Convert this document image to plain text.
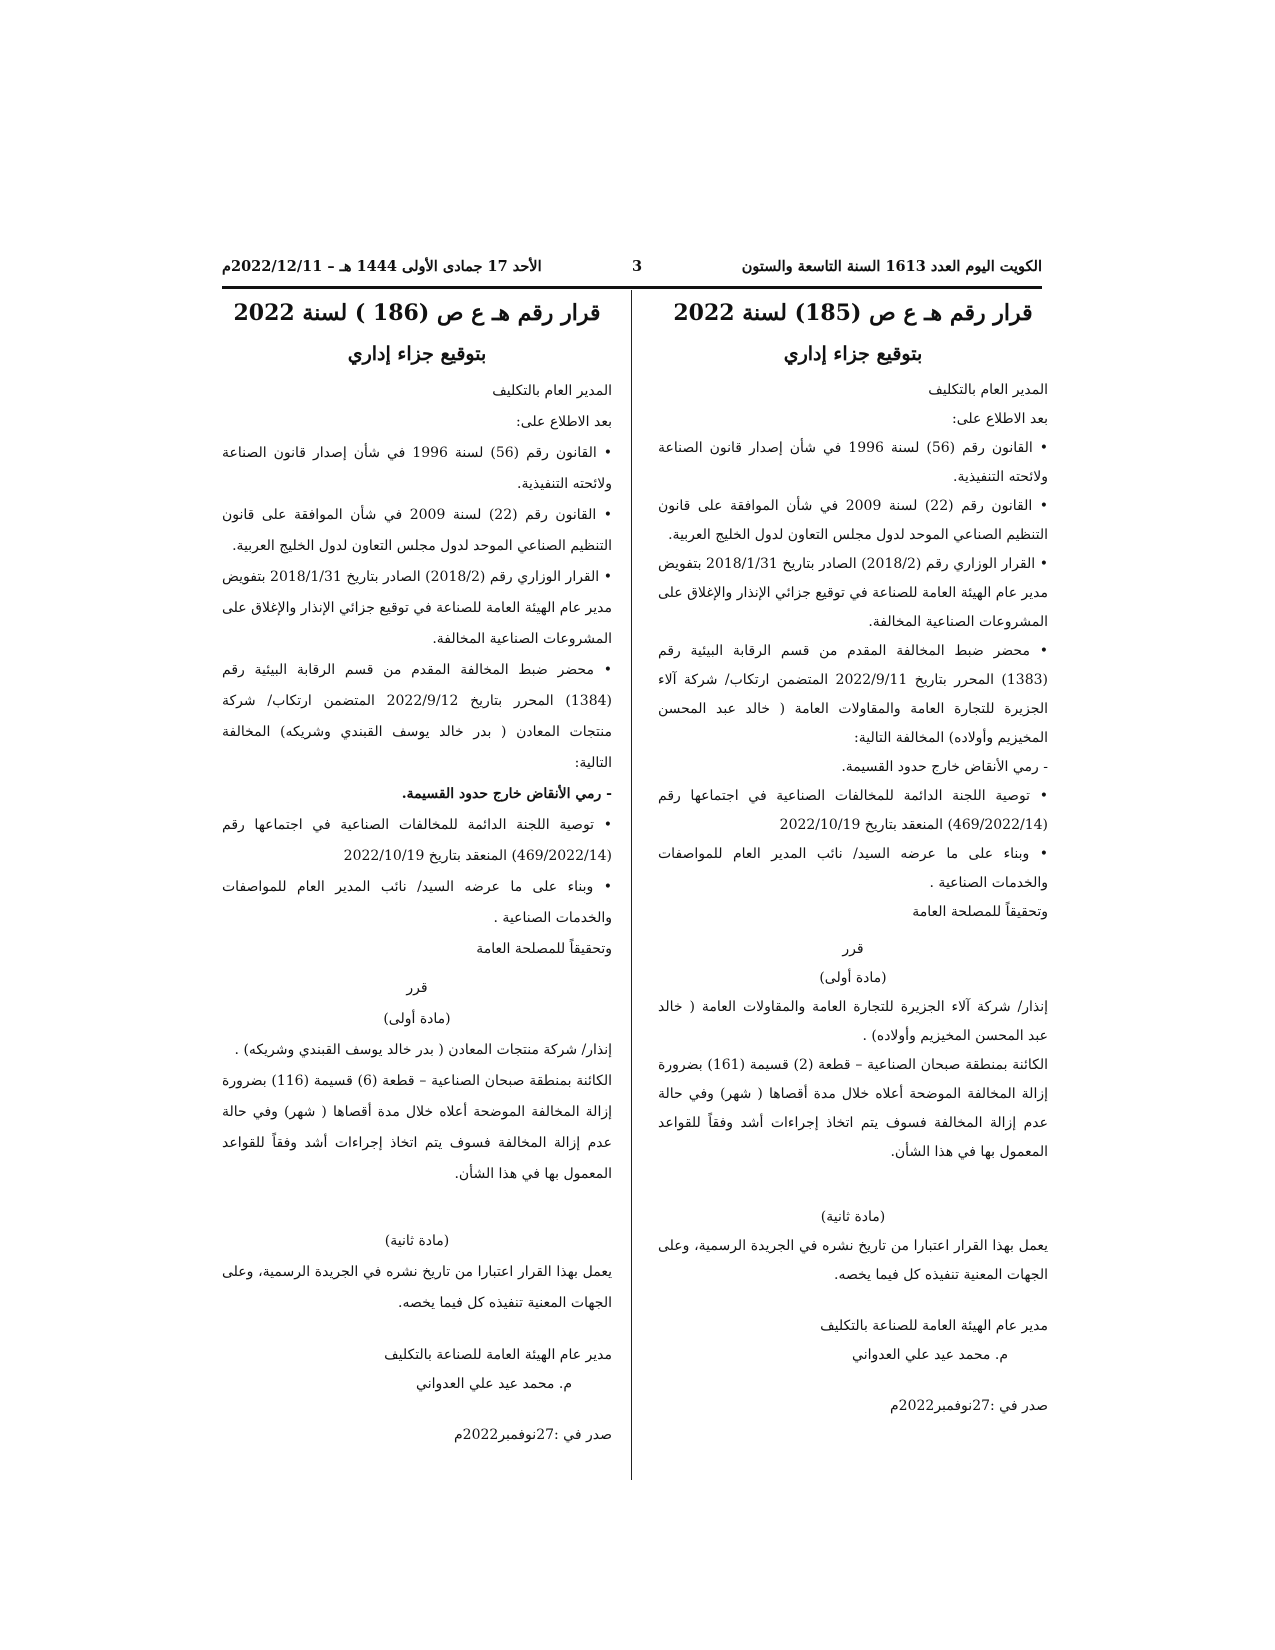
الكويت اليوم العدد 1613 السنة التاسعة والستون
3
الأحد 17 جمادى الأولى 1444 هـ – 2022/12/11م
قرار رقم هـ ع ص (185) لسنة 2022
بتوقيع جزاء إداري

المدير العام بالتكليف

بعد الاطلاع على:

• القانون رقم (56) لسنة 1996 في شأن إصدار قانون الصناعة ولائحته التنفيذية.

• القانون رقم (22) لسنة 2009 في شأن الموافقة على قانون التنظيم الصناعي الموحد لدول مجلس التعاون لدول الخليج العربية.

• القرار الوزاري رقم (2018/2) الصادر بتاريخ 2018/1/31 بتفويض مدير عام الهيئة العامة للصناعة في توقيع جزائي الإنذار والإغلاق على المشروعات الصناعية المخالفة.

• محضر ضبط المخالفة المقدم من قسم الرقابة البيئية رقم (1383) المحرر بتاريخ 2022/9/11 المتضمن ارتكاب/ شركة آلاء الجزيرة للتجارة العامة والمقاولات العامة ( خالد عبد المحسن المخيزيم وأولاده) المخالفة التالية:

- رمي الأنقاض خارج حدود القسيمة.

• توصية اللجنة الدائمة للمخالفات الصناعية في اجتماعها رقم (469/2022/14) المنعقد بتاريخ 2022/10/19

• وبناء على ما عرضه السيد/ نائب المدير العام للمواصفات والخدمات الصناعية .

وتحقيقاً للمصلحة العامة

قرر

(مادة أولى)

إنذار/ شركة آلاء الجزيرة للتجارة العامة والمقاولات العامة ( خالد عبد المحسن المخيزيم وأولاده) .

الكائنة بمنطقة صبحان الصناعية – قطعة (2) قسيمة (161) بضرورة إزالة المخالفة الموضحة أعلاه خلال مدة أقصاها ( شهر) وفي حالة عدم إزالة المخالفة فسوف يتم اتخاذ إجراءات أشد وفقاً للقواعد المعمول بها في هذا الشأن.

(مادة ثانية)

يعمل بهذا القرار اعتبارا من تاريخ نشره في الجريدة الرسمية، وعلى الجهات المعنية تنفيذه كل فيما يخصه.

مدير عام الهيئة العامة للصناعة بالتكليف

م. محمد عيد علي العدواني

صدر في :27نوفمبر2022م

قرار رقم هـ ع ص (186 ) لسنة 2022
بتوقيع جزاء إداري

المدير العام بالتكليف

بعد الاطلاع على:

• القانون رقم (56) لسنة 1996 في شأن إصدار قانون الصناعة ولائحته التنفيذية.

• القانون رقم (22) لسنة 2009 في شأن الموافقة على قانون التنظيم الصناعي الموحد لدول مجلس التعاون لدول الخليج العربية.

• القرار الوزاري رقم (2018/2) الصادر بتاريخ 2018/1/31 بتفويض مدير عام الهيئة العامة للصناعة في توقيع جزائي الإنذار والإغلاق على المشروعات الصناعية المخالفة.

• محضر ضبط المخالفة المقدم من قسم الرقابة البيئية رقم (1384) المحرر بتاريخ 2022/9/12 المتضمن ارتكاب/ شركة منتجات المعادن ( بدر خالد يوسف القبندي وشريكه) المخالفة التالية:

- رمي الأنقاض خارج حدود القسيمة.

• توصية اللجنة الدائمة للمخالفات الصناعية في اجتماعها رقم (469/2022/14) المنعقد بتاريخ 2022/10/19

• وبناء على ما عرضه السيد/ نائب المدير العام للمواصفات والخدمات الصناعية .

وتحقيقاً للمصلحة العامة

قرر

(مادة أولى)

إنذار/ شركة منتجات المعادن ( بدر خالد يوسف القبندي وشريكه) .

الكائنة بمنطقة صبحان الصناعية – قطعة (6) قسيمة (116) بضرورة إزالة المخالفة الموضحة أعلاه خلال مدة أقصاها ( شهر) وفي حالة عدم إزالة المخالفة فسوف يتم اتخاذ إجراءات أشد وفقاً للقواعد المعمول بها في هذا الشأن.

(مادة ثانية)

يعمل بهذا القرار اعتبارا من تاريخ نشره في الجريدة الرسمية، وعلى الجهات المعنية تنفيذه كل فيما يخصه.

مدير عام الهيئة العامة للصناعة بالتكليف

م. محمد عيد علي العدواني

صدر في :27نوفمبر2022م
